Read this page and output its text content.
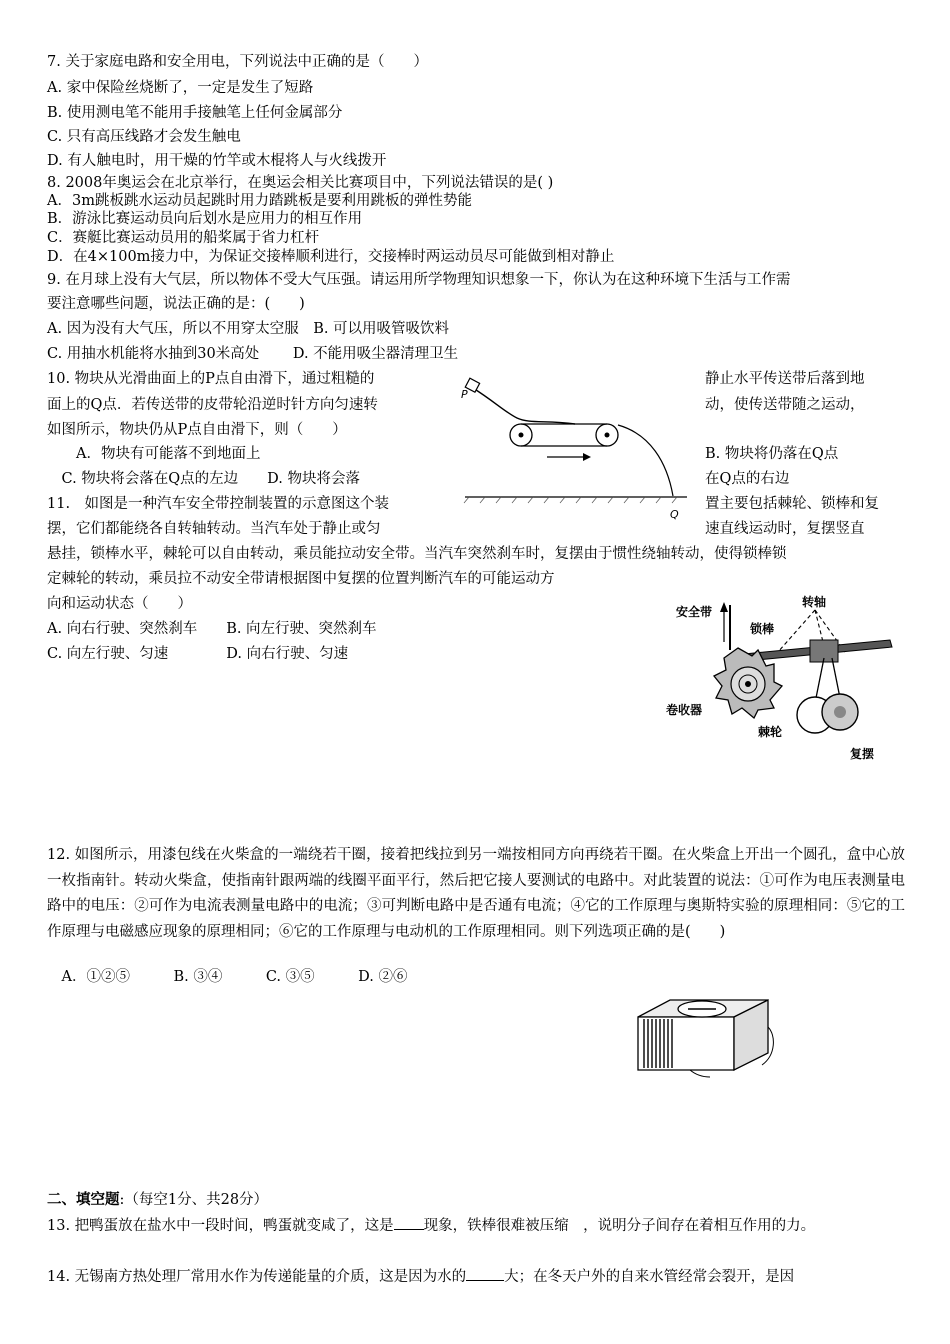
7. 关于家庭电路和安全用电，下列说法中正确的是（　　）
A. 家中保险丝烧断了，一定是发生了短路
B. 使用测电笔不能用手接触笔上任何金属部分
C. 只有高压线路才会发生触电
D. 有人触电时，用干燥的竹竿或木棍将人与火线拨开
8. 2008年奥运会在北京举行，在奥运会相关比赛项目中，下列说法错误的是( )
A．3m跳板跳水运动员起跳时用力踏跳板是要利用跳板的弹性势能
B．游泳比赛运动员向后划水是应用力的相互作用
C．赛艇比赛运动员用的船桨属于省力杠杆
D．在4×100m接力中，为保证交接棒顺利进行，交接棒时两运动员尽可能做到相对静止
9. 在月球上没有大气层，所以物体不受大气压强。请运用所学物理知识想象一下，你认为在这种环境下生活与工作需
要注意哪些问题，说法正确的是：(　　)
A. 因为没有大气压，所以不用穿太空服　B. 可以用吸管吸饮料
C. 用抽水机能将水抽到30米高处　　 D. 不能用吸尘器清理卫生
10. 物块从光滑曲面上的P点自由滑下，通过粗糙的	静止水平传送带后落到地
面上的Q点．若传送带的皮带轮沿逆时针方向匀速转	动，使传送带随之运动，
如图所示，物块仍从P点自由滑下，则（　　）
　　A．物块有可能落不到地面上	B. 物块将仍落在Q点
　C. 物块将会落在Q点的左边　　D. 物块将会落	在Q点的右边
P
Q
11.　如图是一种汽车安全带控制装置的示意图这个装	置主要包括棘轮、锁棒和复
摆，它们都能绕各自转轴转动。当汽车处于静止或匀	速直线运动时，复摆竖直
悬挂，锁棒水平，棘轮可以自由转动，乘员能拉动安全带。当汽车突然刹车时，复摆由于惯性绕轴转动，使得锁棒锁
定棘轮的转动，乘员拉不动安全带请根据图中复摆的位置判断汽车的可能运动方
向和运动状态（　　）
A. 向右行驶、突然刹车　　B. 向左行驶、突然刹车
C. 向左行驶、匀速　　　　D. 向右行驶、匀速
安全带
转轴
锁棒
卷收器
棘轮
复摆
12. 如图所示，用漆包线在火柴盒的一端绕若干圈，接着把线拉到另一端按相同方向再绕若干圈。在火柴盒上开出一个圆孔，盒中心放一枚指南针。转动火柴盒，使指南针跟两端的线圈平面平行，然后把它接人要测试的电路中。对此装置的说法：①可作为电压表测量电路中的电压：②可作为电流表测量电路中的电流；③可判断电路中是否通有电流；④它的工作原理与奥斯特实验的原理相同：⑤它的工作原理与电磁感应现象的原理相同；⑥它的工作原理与电动机的工作原理相同。则下列选项正确的是(　　)
　A．①②⑤　　　B. ③④　　　C. ③⑤　　　D. ②⑥
二、填空题:（每空1分、共28分）
13. 把鸭蛋放在盐水中一段时间，鸭蛋就变咸了，这是 现象，铁棒很难被压缩　，说明分子间存在着相互作用的力。
14. 无锡南方热处理厂常用水作为传递能量的介质，这是因为水的	大；在冬天户外的自来水管经常会裂开，是因
